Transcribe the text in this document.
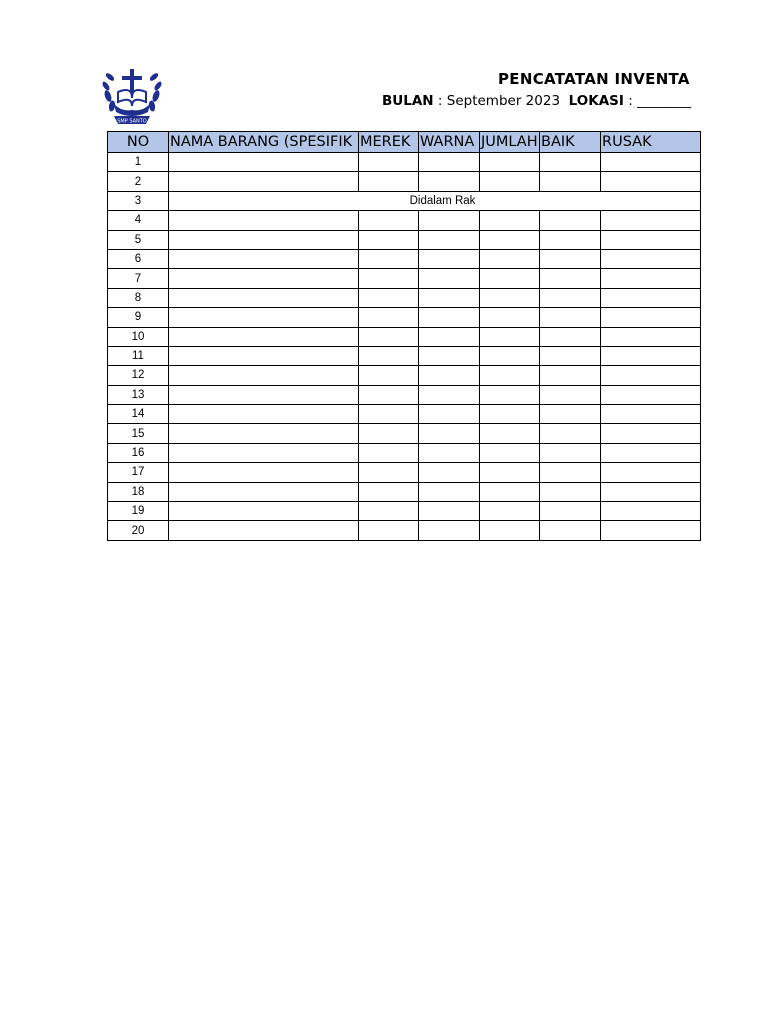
SMP SANTO
PENCATATAN INVENTA
BULAN : September 2023 LOKASI : ________
NO	NAMA BARANG (SPESIFIK	MEREK	WARNA	JUMLAH	BAIK	RUSAK
1						
2						
3	Didalam Rak					
4						
5						
6						
7						
8						
9						
10						
11						
12						
13						
14						
15						
16						
17						
18						
19						
20						
